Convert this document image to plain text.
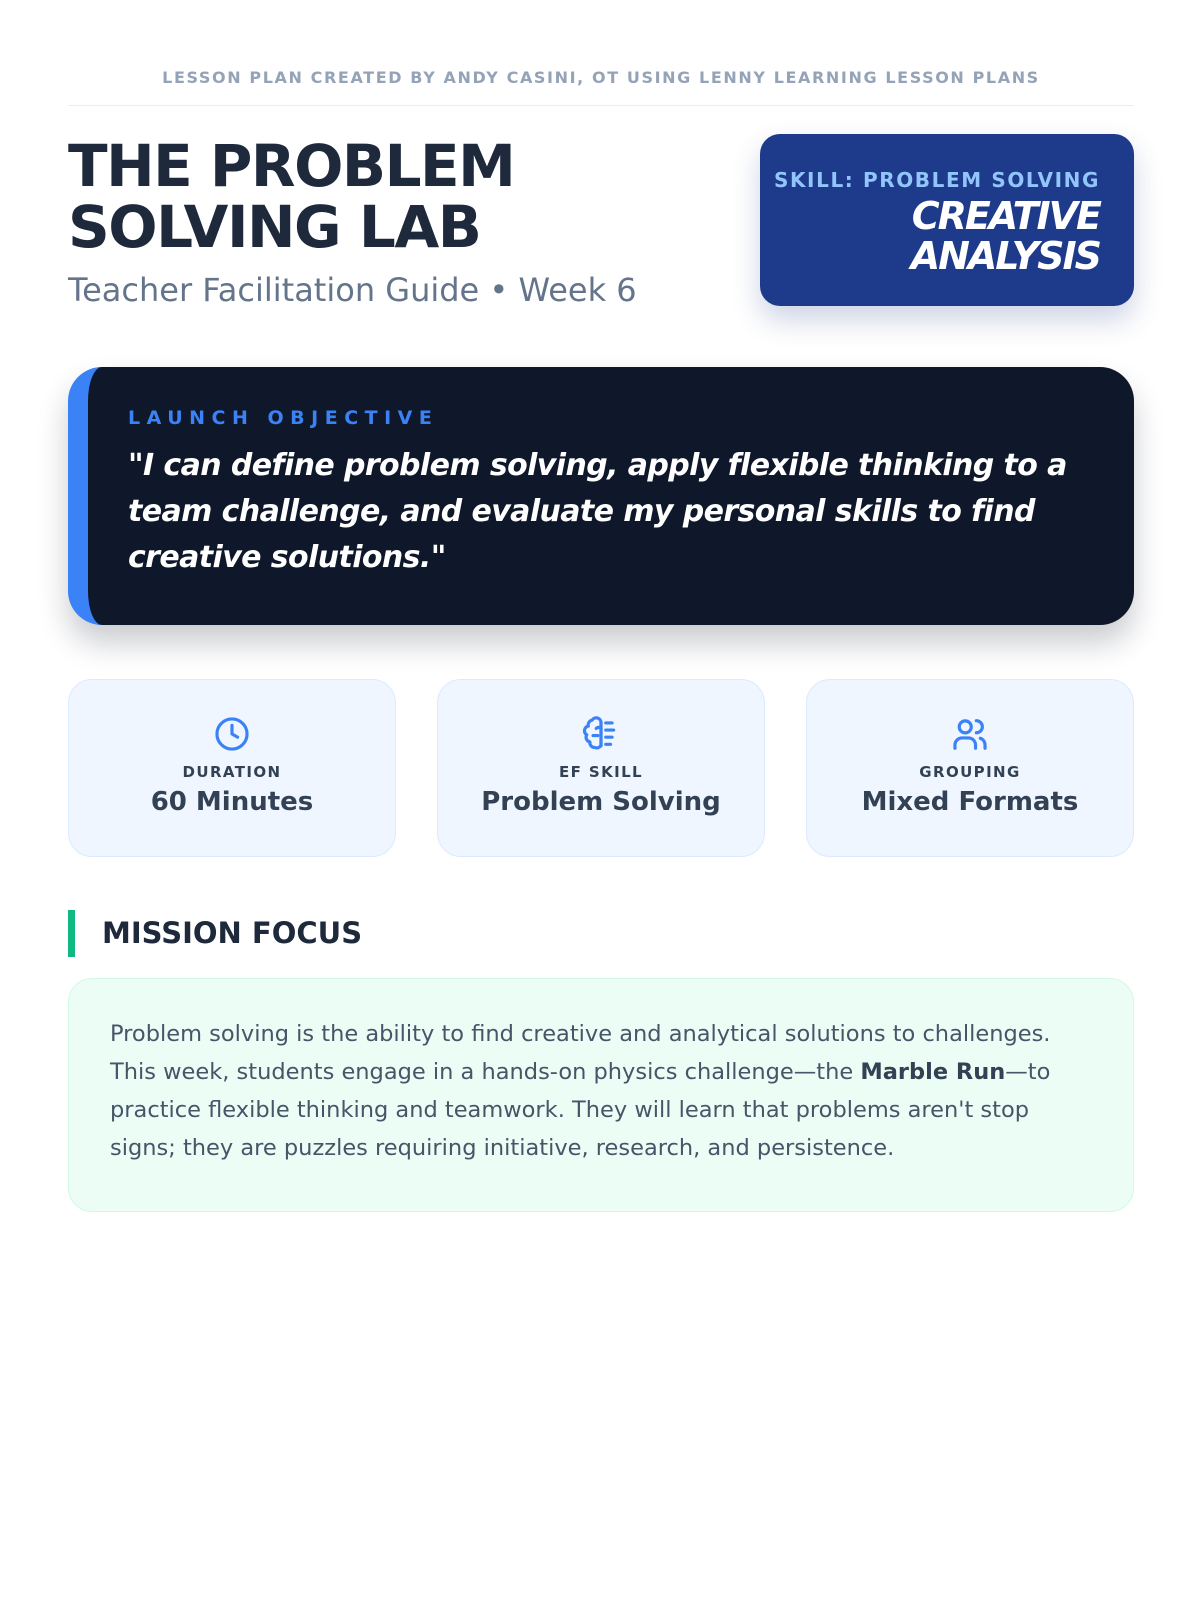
LESSON PLAN CREATED BY ANDY CASINI, OT USING LENNY LEARNING LESSON PLANS
THE PROBLEM
SOLVING LAB
Teacher Facilitation Guide • Week 6
SKILL: PROBLEM SOLVING
CREATIVE
ANALYSIS
LAUNCH OBJECTIVE
"I can define problem solving, apply flexible thinking to a team challenge, and evaluate my personal skills to find creative solutions."
DURATION
60 Minutes
EF SKILL
Problem Solving
GROUPING
Mixed Formats
MISSION FOCUS

Problem solving is the ability to find creative and analytical solutions to challenges. This week, students engage in a hands-on physics challenge—the Marble Run—to practice flexible thinking and teamwork. They will learn that problems aren't stop signs; they are puzzles requiring initiative, research, and persistence.
